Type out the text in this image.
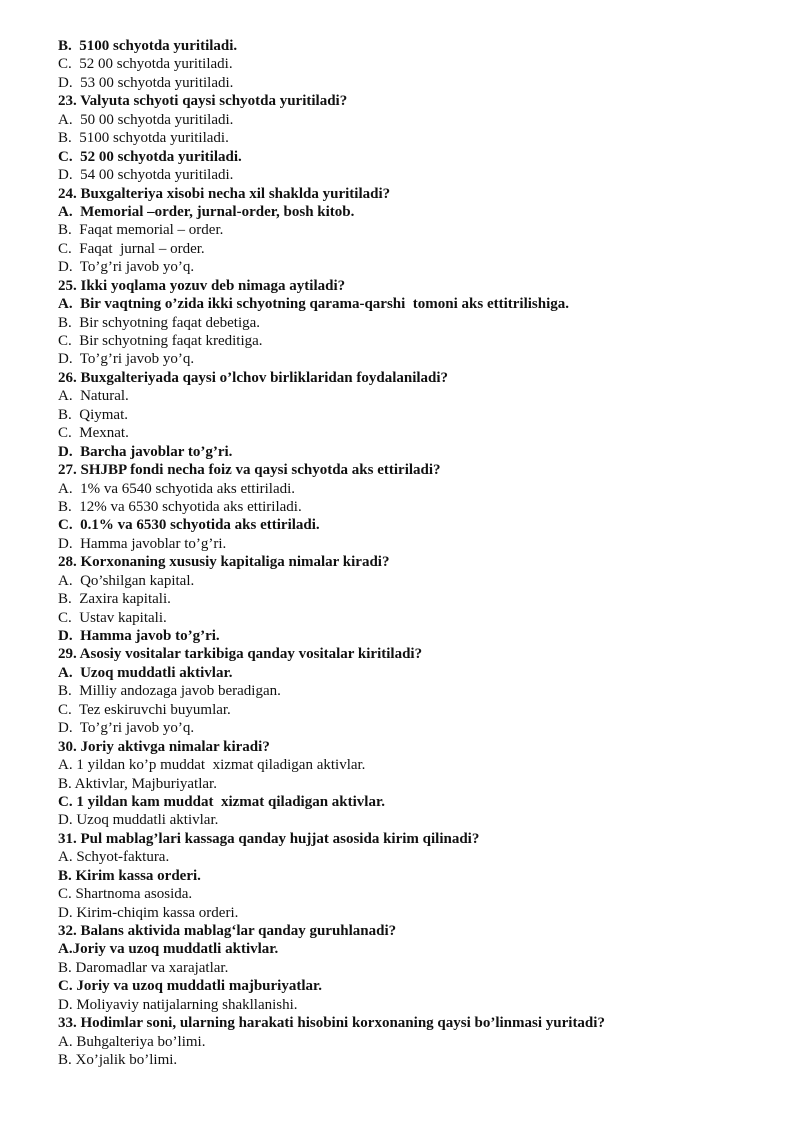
B.  5100 schyotda yuritiladi.
C.  52 00 schyotda yuritiladi.
D.  53 00 schyotda yuritiladi.
23. Valyuta schyoti qaysi schyotda yuritiladi?
A.  50 00 schyotda yuritiladi.
B.  5100 schyotda yuritiladi.
C.  52 00 schyotda yuritiladi.
D.  54 00 schyotda yuritiladi.
24. Buxgalteriya xisobi necha xil shaklda yuritiladi?
A.  Memorial –order, jurnal-order, bosh kitob.
B.  Faqat memorial – order.
C.  Faqat  jurnal – order.
D.  To’g’ri javob yo’q.
25. Ikki yoqlama yozuv deb nimaga aytiladi?
A.  Bir vaqtning o’zida ikki schyotning qarama-qarshi  tomoni aks ettitrilishiga.
B.  Bir schyotning faqat debetiga.
C.  Bir schyotning faqat kreditiga.
D.  To’g’ri javob yo’q.
26. Buxgalteriyada qaysi o’lchov birliklaridan foydalaniladi?
A.  Natural.
B.  Qiymat.
C.  Mexnat.
D.  Barcha javoblar to’g’ri.
27. SHJBP fondi necha foiz va qaysi schyotda aks ettiriladi?
A.  1% va 6540 schyotida aks ettiriladi.
B.  12% va 6530 schyotida aks ettiriladi.
C.  0.1% va 6530 schyotida aks ettiriladi.
D.  Hamma javoblar to’g’ri.
28. Korxonaning xususiy kapitaliga nimalar kiradi?
A.  Qo’shilgan kapital.
B.  Zaxira kapitali.
C.  Ustav kapitali.
D.  Hamma javob to’g’ri.
29. Asosiy vositalar tarkibiga qanday vositalar kiritiladi?
A.  Uzoq muddatli aktivlar.
B.  Milliy andozaga javob beradigan.
C.  Tez eskiruvchi buyumlar.
D.  To’g’ri javob yo’q.
30. Joriy aktivga nimalar kiradi?
A. 1 yildan ko’p muddat  xizmat qiladigan aktivlar.
B. Aktivlar, Majburiyatlar.
C. 1 yildan kam muddat  xizmat qiladigan aktivlar.
D. Uzoq muddatli aktivlar.
31. Pul mablag’lari kassaga qanday hujjat asosida kirim qilinadi?
A. Schyot-faktura.
B. Kirim kassa orderi.
C. Shartnoma asosida.
D. Kirim-chiqim kassa orderi.
32. Balans aktivida mablag‘lar qanday guruhlanadi?
A.Joriy va uzoq muddatli aktivlar.
B. Daromadlar va xarajatlar.
C. Joriy va uzoq muddatli majburiyatlar.
D. Moliyaviy natijalarning shakllanishi.
33. Hodimlar soni, ularning harakati hisobini korxonaning qaysi bo’linmasi yuritadi?
A. Buhgalteriya bo’limi.
B. Xo’jalik bo’limi.
